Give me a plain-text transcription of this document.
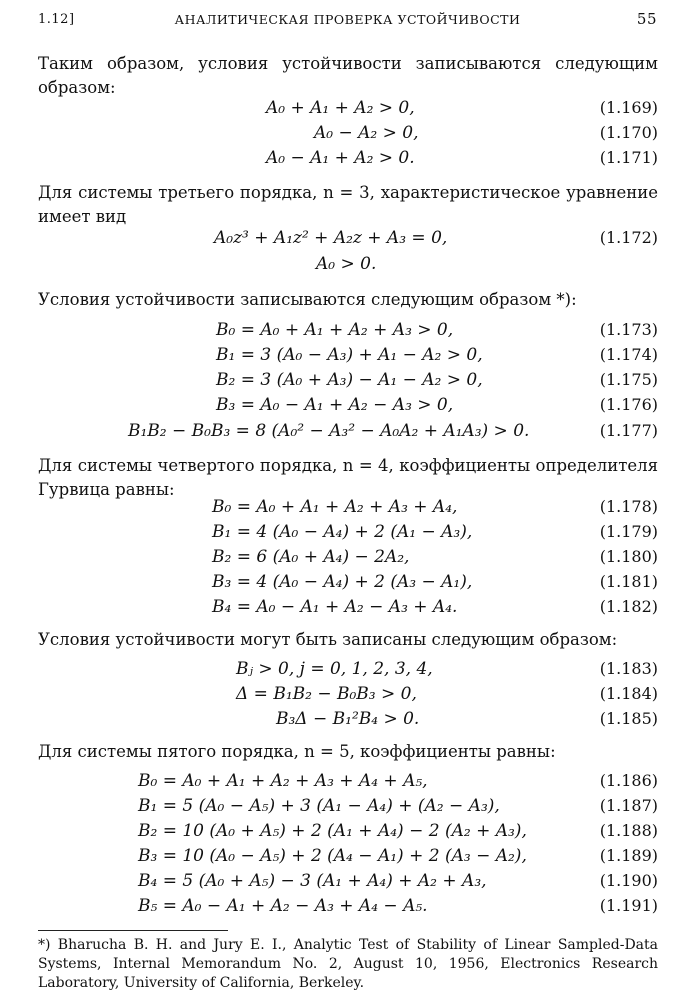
1.12]	АНАЛИТИЧЕСКАЯ ПРОВЕРКА УСТОЙЧИВОСТИ	55

Таким образом, условия устойчивости записываются следующим образом:

A₀ + A₁ + A₂ > 0,	(1.169)
A₀ − A₂ > 0,	(1.170)
A₀ − A₁ + A₂ > 0.	(1.171)

Для системы третьего порядка, n = 3, характеристическое уравнение имеет вид

A₀z³ + A₁z² + A₂z + A₃ = 0,	(1.172)
A₀ > 0.

Условия устойчивости записываются следующим образом *):

B₀ = A₀ + A₁ + A₂ + A₃ > 0,	(1.173)
B₁ = 3 (A₀ − A₃) + A₁ − A₂ > 0,	(1.174)
B₂ = 3 (A₀ + A₃) − A₁ − A₂ > 0,	(1.175)
B₃ = A₀ − A₁ + A₂ − A₃ > 0,	(1.176)
B₁B₂ − B₀B₃ = 8 (A₀² − A₃² − A₀A₂ + A₁A₃) > 0.	(1.177)

Для системы четвертого порядка, n = 4, коэффициенты определителя Гурвица равны:

B₀ = A₀ + A₁ + A₂ + A₃ + A₄,	(1.178)
B₁ = 4 (A₀ − A₄) + 2 (A₁ − A₃),	(1.179)
B₂ = 6 (A₀ + A₄) − 2A₂,	(1.180)
B₃ = 4 (A₀ − A₄) + 2 (A₃ − A₁),	(1.181)
B₄ = A₀ − A₁ + A₂ − A₃ + A₄.	(1.182)

Условия устойчивости могут быть записаны следующим образом:

Bⱼ > 0, j = 0, 1, 2, 3, 4,	(1.183)
Δ = B₁B₂ − B₀B₃ > 0,	(1.184)
B₃Δ − B₁²B₄ > 0.	(1.185)

Для системы пятого порядка, n = 5, коэффициенты равны:

B₀ = A₀ + A₁ + A₂ + A₃ + A₄ + A₅,	(1.186)
B₁ = 5 (A₀ − A₅) + 3 (A₁ − A₄) + (A₂ − A₃),	(1.187)
B₂ = 10 (A₀ + A₅) + 2 (A₁ + A₄) − 2 (A₂ + A₃),	(1.188)
B₃ = 10 (A₀ − A₅) + 2 (A₄ − A₁) + 2 (A₃ − A₂),	(1.189)
B₄ = 5 (A₀ + A₅) − 3 (A₁ + A₄) + A₂ + A₃,	(1.190)
B₅ = A₀ − A₁ + A₂ − A₃ + A₄ − A₅.	(1.191)

*) Bharucha B. H. and Jury E. I., Analytic Test of Stability of Linear Sampled-Data Systems, Internal Memorandum No. 2, August 10, 1956, Electronics Research Laboratory, University of California, Berkeley.
